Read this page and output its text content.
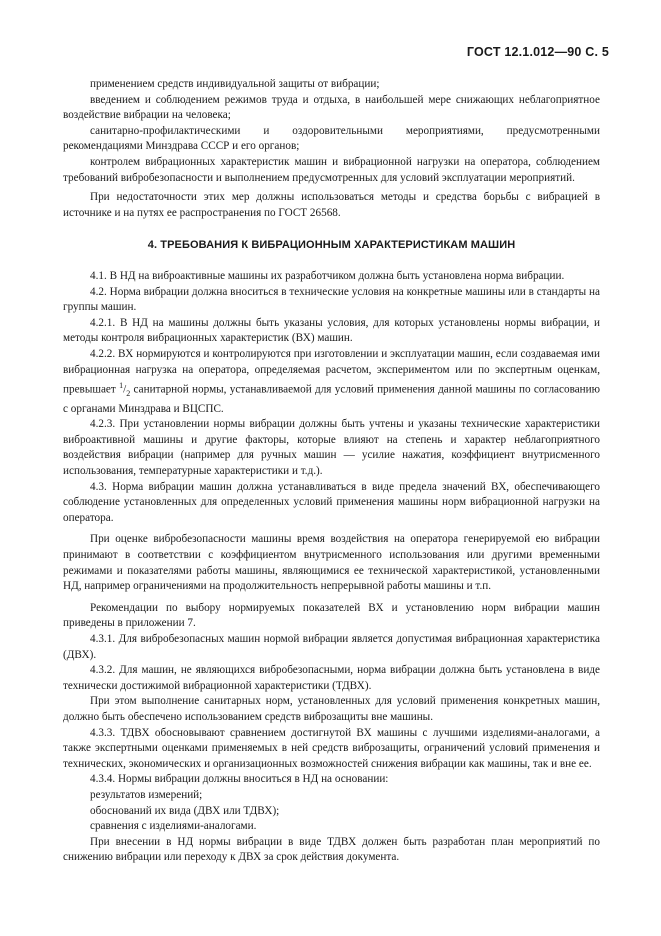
ГОСТ 12.1.012—90 С. 5

применением средств индивидуальной защиты от вибрации;

введением и соблюдением режимов труда и отдыха, в наибольшей мере снижающих неблагоприятное воздействие вибрации на человека;

санитарно-профилактическими и оздоровительными мероприятиями, предусмотренными рекомендациями Минздрава СССР и его органов;

контролем вибрационных характеристик машин и вибрационной нагрузки на оператора, соблюдением требований вибробезопасности и выполнением предусмотренных для условий эксплуатации мероприятий.

При недостаточности этих мер должны использоваться методы и средства борьбы с вибрацией в источнике и на путях ее распространения по ГОСТ 26568.

4. ТРЕБОВАНИЯ К ВИБРАЦИОННЫМ ХАРАКТЕРИСТИКАМ МАШИН

4.1. В НД на виброактивные машины их разработчиком должна быть установлена норма вибрации.

4.2. Норма вибрации должна вноситься в технические условия на конкретные машины или в стандарты на группы машин.

4.2.1. В НД на машины должны быть указаны условия, для которых установлены нормы вибрации, и методы контроля вибрационных характеристик (ВХ) машин.

4.2.2. ВХ нормируются и контролируются при изготовлении и эксплуатации машин, если создаваемая ими вибрационная нагрузка на оператора, определяемая расчетом, экспериментом или по экспертным оценкам, превышает $^1/_2$ санитарной нормы, устанавливаемой для условий применения данной машины по согласованию с органами Минздрава и ВЦСПС.

4.2.3. При установлении нормы вибрации должны быть учтены и указаны технические характеристики виброактивной машины и другие факторы, которые влияют на степень и характер неблагоприятного воздействия вибрации (например для ручных машин — усилие нажатия, коэффициент внутрисменного использования, температурные характеристики и т.д.).

4.3. Норма вибрации машин должна устанавливаться в виде предела значений ВХ, обеспечивающего соблюдение установленных для определенных условий применения машины норм вибрационной нагрузки на оператора.

При оценке вибробезопасности машины время воздействия на оператора генерируемой ею вибрации принимают в соответствии с коэффициентом внутрисменного использования или другими временными режимами и показателями работы машины, являющимися ее технической характеристикой, установленными НД, например ограничениями на продолжительность непрерывной работы машины и т.п.

Рекомендации по выбору нормируемых показателей ВХ и установлению норм вибрации машин приведены в приложении 7.

4.3.1. Для вибробезопасных машин нормой вибрации является допустимая вибрационная характеристика (ДВХ).

4.3.2. Для машин, не являющихся вибробезопасными, норма вибрации должна быть установлена в виде технически достижимой вибрационной характеристики (ТДВХ).

При этом выполнение санитарных норм, установленных для условий применения конкретных машин, должно быть обеспечено использованием средств виброзащиты вне машины.

4.3.3. ТДВХ обосновывают сравнением достигнутой ВХ машины с лучшими изделиями-аналогами, а также экспертными оценками применяемых в ней средств виброзащиты, ограничений условий применения и технических, экономических и организационных возможностей снижения вибрации как машины, так и вне ее.

4.3.4. Нормы вибрации должны вноситься в НД на основании:

результатов измерений;

обоснований их вида (ДВХ или ТДВХ);

сравнения с изделиями-аналогами.

При внесении в НД нормы вибрации в виде ТДВХ должен быть разработан план мероприятий по снижению вибрации или переходу к ДВХ за срок действия документа.
